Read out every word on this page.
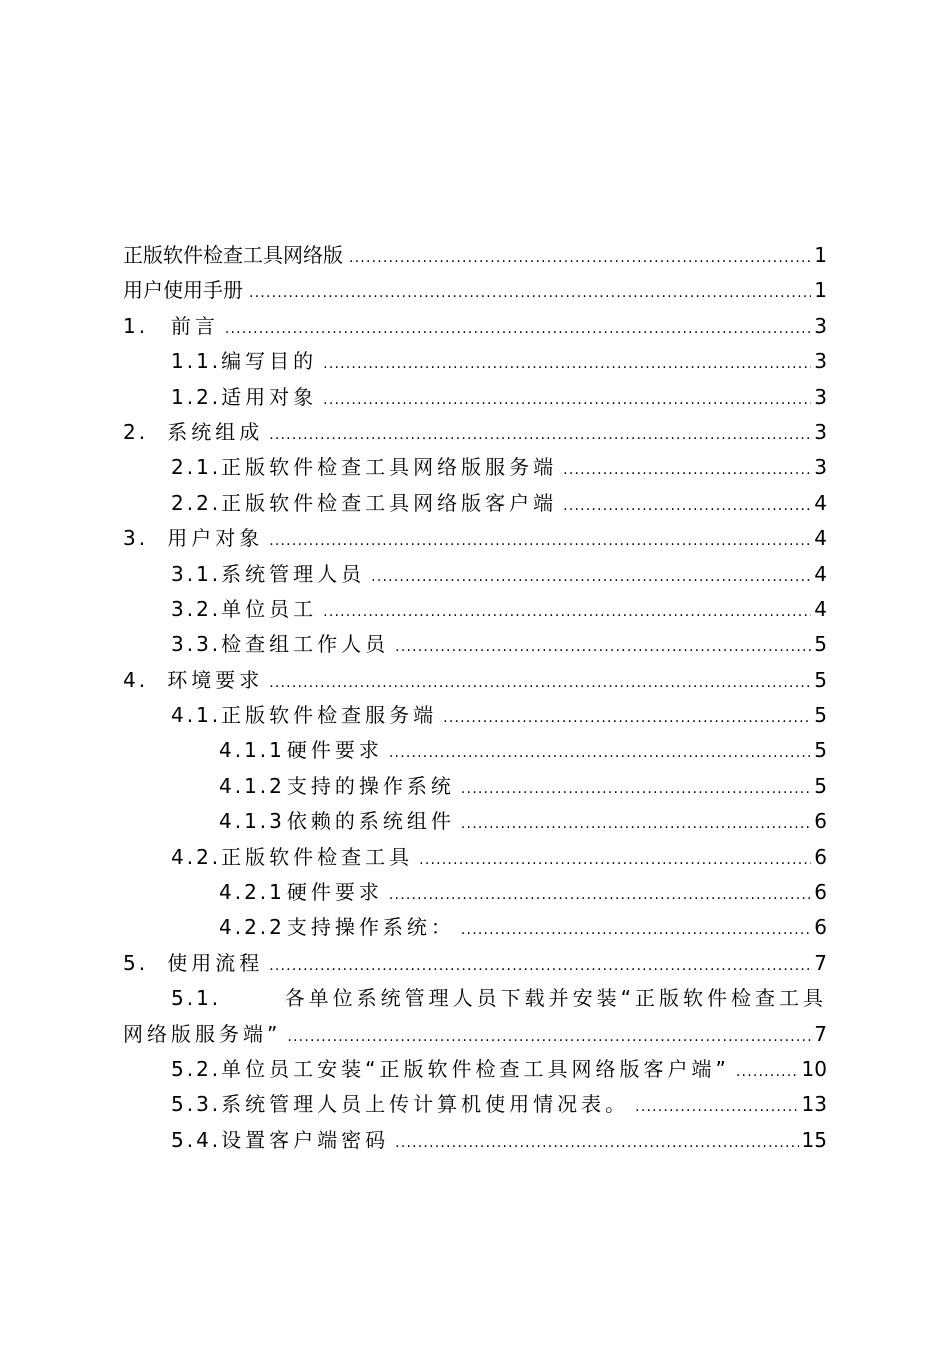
正版软件检查工具网络版 .....	1
用户使用手册 .....	1
1.	前言 .....	3
1.1. 编写目的 .....	3
1.2. 适用对象 .....	3
2. 系统组成 .....	3
2.1. 正版软件检查工具网络版服务端 .....	3
2.2. 正版软件检查工具网络版客户端 .....	4
3. 用户对象 .....	4
3.1. 系统管理人员 .....	4
3.2. 单位员工 .....	4
3.3. 检查组工作人员 .....	5
4. 环境要求 .....	5
4.1. 正版软件检查服务端 .....	5
4.1.1 硬件要求 .....	5
4.1.2 支持的操作系统 .....	5
4.1.3 依赖的系统组件 .....	6
4.2. 正版软件检查工具 .....	6
4.2.1 硬件要求 .....	6
4.2.2 支持操作系统： .....	6
5. 使用流程 .....	7
5.1.	各单位系统管理人员下载并安装“正版软件检查工具
网络版服务端” .....	7
5.2. 单位员工安装“正版软件检查工具网络版客户端” .....	10
5.3. 系统管理人员上传计算机使用情况表。 .....	13
5.4. 设置客户端密码 .....	15
